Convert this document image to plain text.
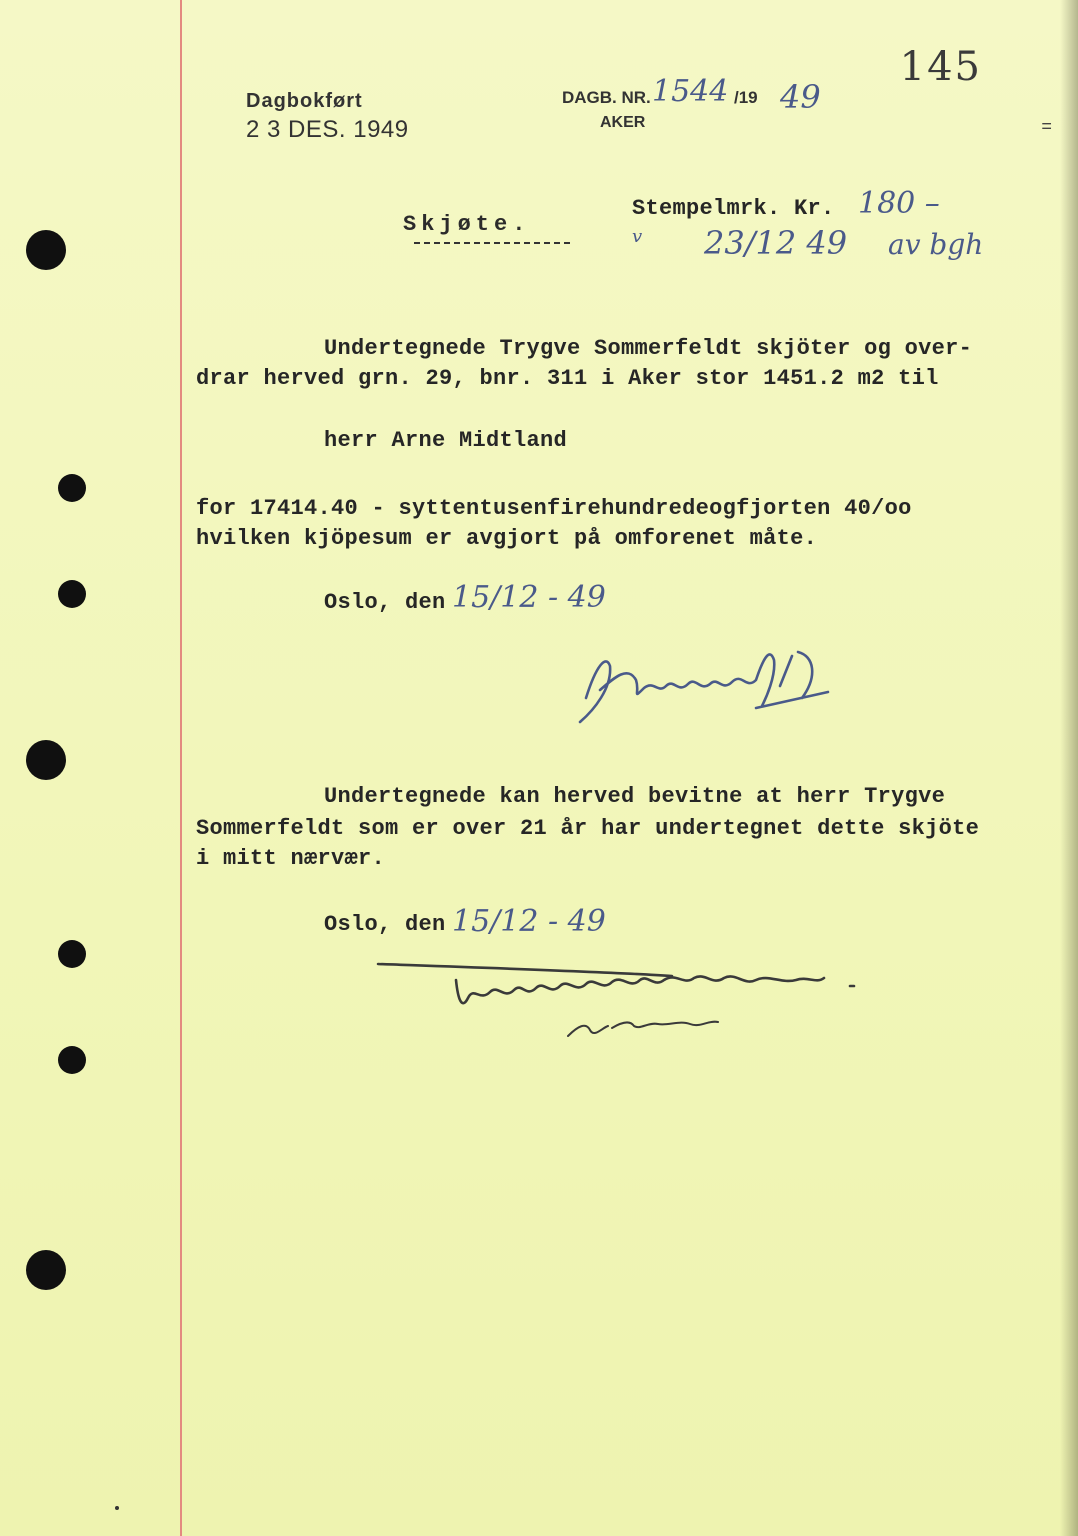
Dagbokført
2 3 DES. 1949
DAGB. NR. 1544 /19 49
AKER
145
=
Stempelmrk. Kr. 180 –
v 23/12 49 av bgh
Skjøte.
Undertegnede Trygve Sommerfeldt skjöter og over-
drar herved grn. 29, bnr. 311 i Aker stor 1451.2 m2 til
herr Arne Midtland
for 17414.40 - syttentusenfirehundredeogfjorten 40/oo
hvilken kjöpesum er avgjort på omforenet måte.
Oslo, den 15/12 - 49
Undertegnede kan herved bevitne at herr Trygve
Sommerfeldt som er over 21 år har undertegnet dette skjöte
i mitt nærvær.
Oslo, den 15/12 - 49
